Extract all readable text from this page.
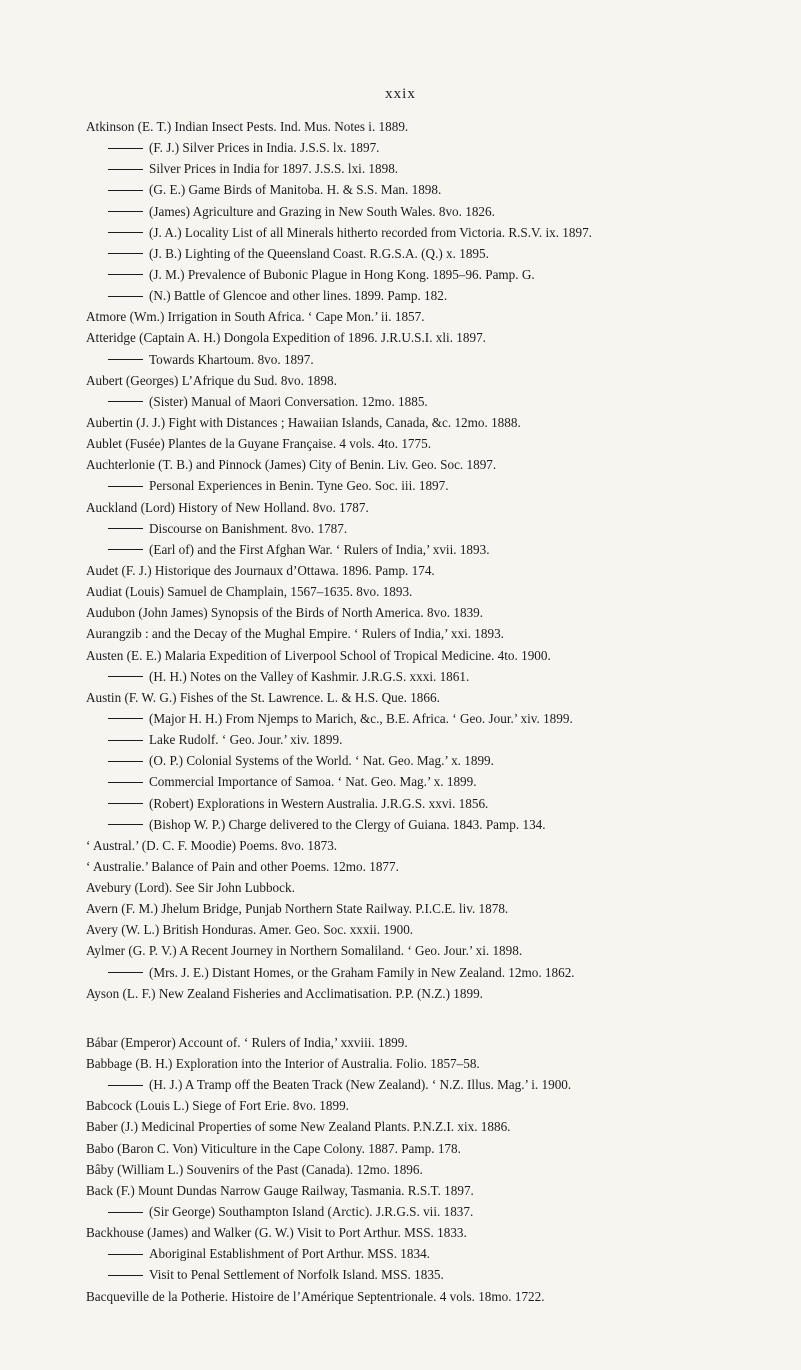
xxix
Atkinson (E. T.) Indian Insect Pests. Ind. Mus. Notes i. 1889.
(F. J.) Silver Prices in India. J.S.S. lx. 1897.
Silver Prices in India for 1897. J.S.S. lxi. 1898.
(G. E.) Game Birds of Manitoba. H. & S.S. Man. 1898.
(James) Agriculture and Grazing in New South Wales. 8vo. 1826.
(J. A.) Locality List of all Minerals hitherto recorded from Victoria. R.S.V. ix. 1897.
(J. B.) Lighting of the Queensland Coast. R.G.S.A. (Q.) x. 1895.
(J. M.) Prevalence of Bubonic Plague in Hong Kong. 1895–96. Pamp. G.
(N.) Battle of Glencoe and other lines. 1899. Pamp. 182.
Atmore (Wm.) Irrigation in South Africa. ‘ Cape Mon.’ ii. 1857.
Atteridge (Captain A. H.) Dongola Expedition of 1896. J.R.U.S.I. xli. 1897.
Towards Khartoum. 8vo. 1897.
Aubert (Georges) L’Afrique du Sud. 8vo. 1898.
(Sister) Manual of Maori Conversation. 12mo. 1885.
Aubertin (J. J.) Fight with Distances ; Hawaiian Islands, Canada, &c. 12mo. 1888.
Aublet (Fusée) Plantes de la Guyane Française. 4 vols. 4to. 1775.
Auchterlonie (T. B.) and Pinnock (James) City of Benin. Liv. Geo. Soc. 1897.
Personal Experiences in Benin. Tyne Geo. Soc. iii. 1897.
Auckland (Lord) History of New Holland. 8vo. 1787.
Discourse on Banishment. 8vo. 1787.
(Earl of) and the First Afghan War. ‘ Rulers of India,’ xvii. 1893.
Audet (F. J.) Historique des Journaux d’Ottawa. 1896. Pamp. 174.
Audiat (Louis) Samuel de Champlain, 1567–1635. 8vo. 1893.
Audubon (John James) Synopsis of the Birds of North America. 8vo. 1839.
Aurangzib : and the Decay of the Mughal Empire. ‘ Rulers of India,’ xxi. 1893.
Austen (E. E.) Malaria Expedition of Liverpool School of Tropical Medicine. 4to. 1900.
(H. H.) Notes on the Valley of Kashmir. J.R.G.S. xxxi. 1861.
Austin (F. W. G.) Fishes of the St. Lawrence. L. & H.S. Que. 1866.
(Major H. H.) From Njemps to Marich, &c., B.E. Africa. ‘ Geo. Jour.’ xiv. 1899.
Lake Rudolf. ‘ Geo. Jour.’ xiv. 1899.
(O. P.) Colonial Systems of the World. ‘ Nat. Geo. Mag.’ x. 1899.
Commercial Importance of Samoa. ‘ Nat. Geo. Mag.’ x. 1899.
(Robert) Explorations in Western Australia. J.R.G.S. xxvi. 1856.
(Bishop W. P.) Charge delivered to the Clergy of Guiana. 1843. Pamp. 134.
‘ Austral.’ (D. C. F. Moodie) Poems. 8vo. 1873.
‘ Australie.’ Balance of Pain and other Poems. 12mo. 1877.
Avebury (Lord). See Sir John Lubbock.
Avern (F. M.) Jhelum Bridge, Punjab Northern State Railway. P.I.C.E. liv. 1878.
Avery (W. L.) British Honduras. Amer. Geo. Soc. xxxii. 1900.
Aylmer (G. P. V.) A Recent Journey in Northern Somaliland. ‘ Geo. Jour.’ xi. 1898.
(Mrs. J. E.) Distant Homes, or the Graham Family in New Zealand. 12mo. 1862.
Ayson (L. F.) New Zealand Fisheries and Acclimatisation. P.P. (N.Z.) 1899.
Bábar (Emperor) Account of. ‘ Rulers of India,’ xxviii. 1899.
Babbage (B. H.) Exploration into the Interior of Australia. Folio. 1857–58.
(H. J.) A Tramp off the Beaten Track (New Zealand). ‘ N.Z. Illus. Mag.’ i. 1900.
Babcock (Louis L.) Siege of Fort Erie. 8vo. 1899.
Baber (J.) Medicinal Properties of some New Zealand Plants. P.N.Z.I. xix. 1886.
Babo (Baron C. Von) Viticulture in the Cape Colony. 1887. Pamp. 178.
Bâby (William L.) Souvenirs of the Past (Canada). 12mo. 1896.
Back (F.) Mount Dundas Narrow Gauge Railway, Tasmania. R.S.T. 1897.
(Sir George) Southampton Island (Arctic). J.R.G.S. vii. 1837.
Backhouse (James) and Walker (G. W.) Visit to Port Arthur. MSS. 1833.
Aboriginal Establishment of Port Arthur. MSS. 1834.
Visit to Penal Settlement of Norfolk Island. MSS. 1835.
Bacqueville de la Potherie. Histoire de l’Amérique Septentrionale. 4 vols. 18mo. 1722.
